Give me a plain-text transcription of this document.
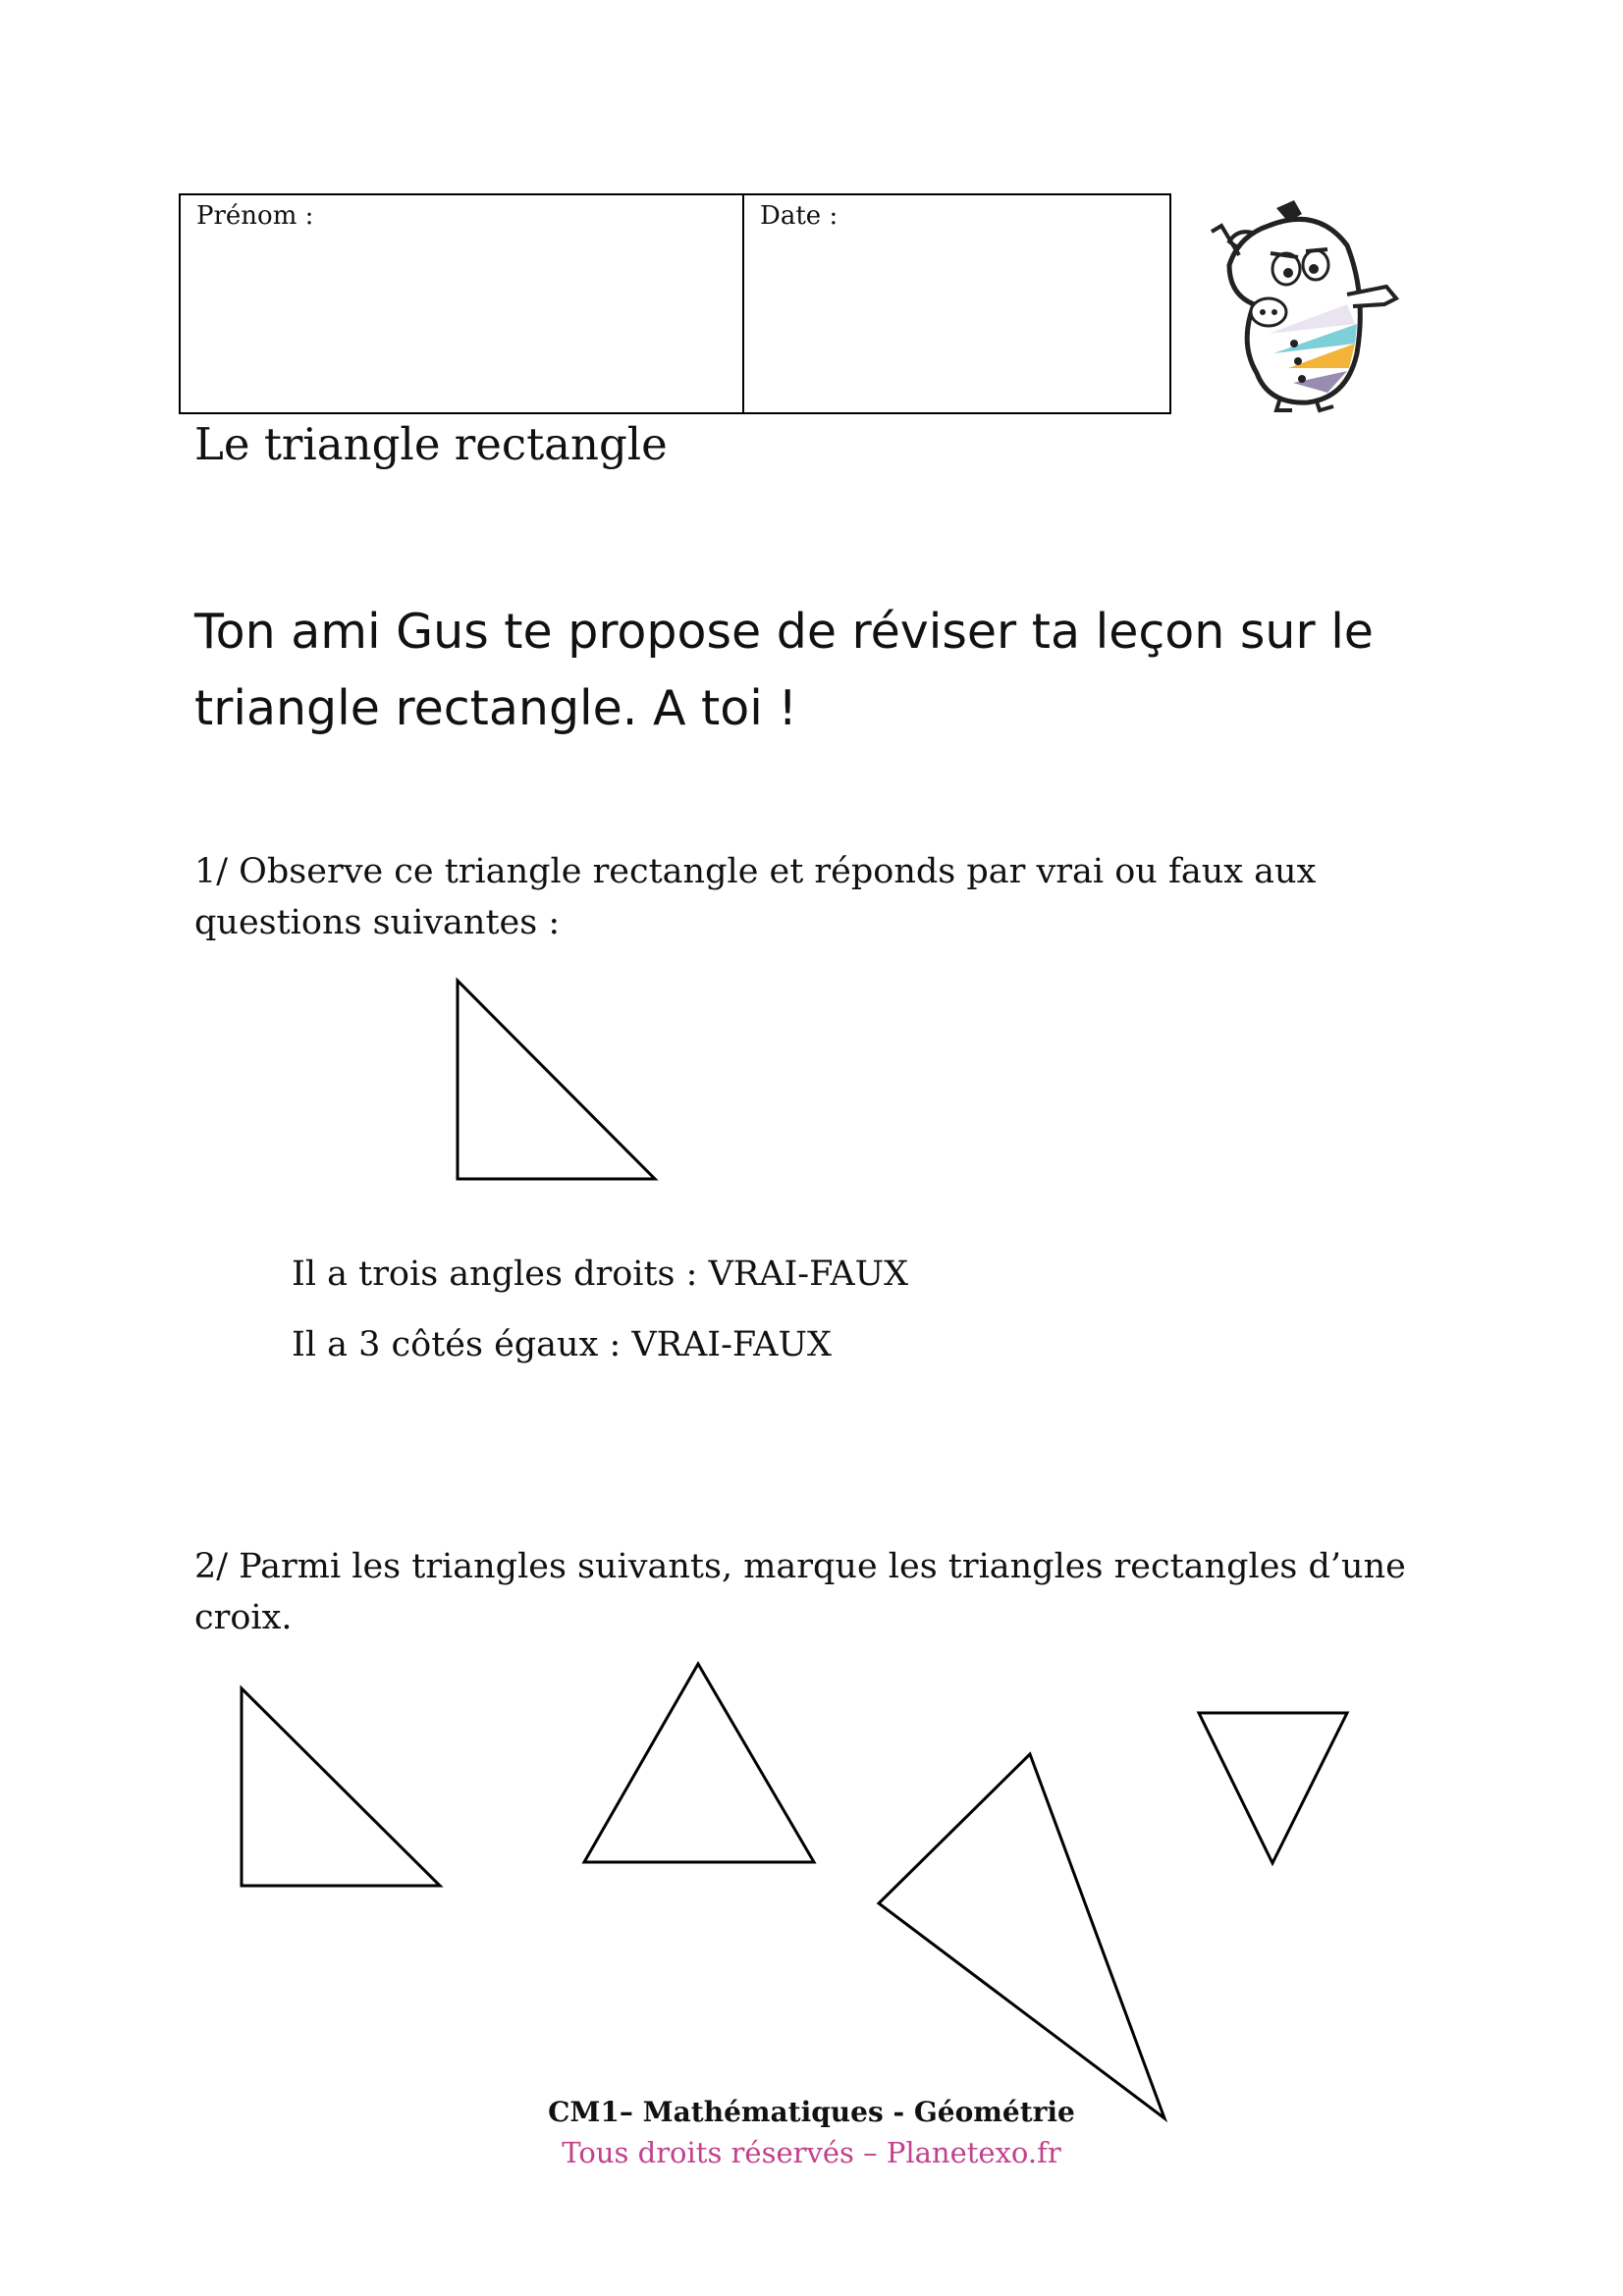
Prénom :	Date :
Le triangle rectangle
Ton ami Gus te propose de réviser ta leçon sur le triangle rectangle. A toi !
1/ Observe ce triangle rectangle et réponds par vrai ou faux aux questions suivantes :
Il a trois angles droits : VRAI-FAUX
Il a 3 côtés égaux : VRAI-FAUX
2/ Parmi les triangles suivants, marque les triangles rectangles d’une croix.
CM1– Mathématiques - Géométrie
Tous droits réservés – Planetexo.fr
